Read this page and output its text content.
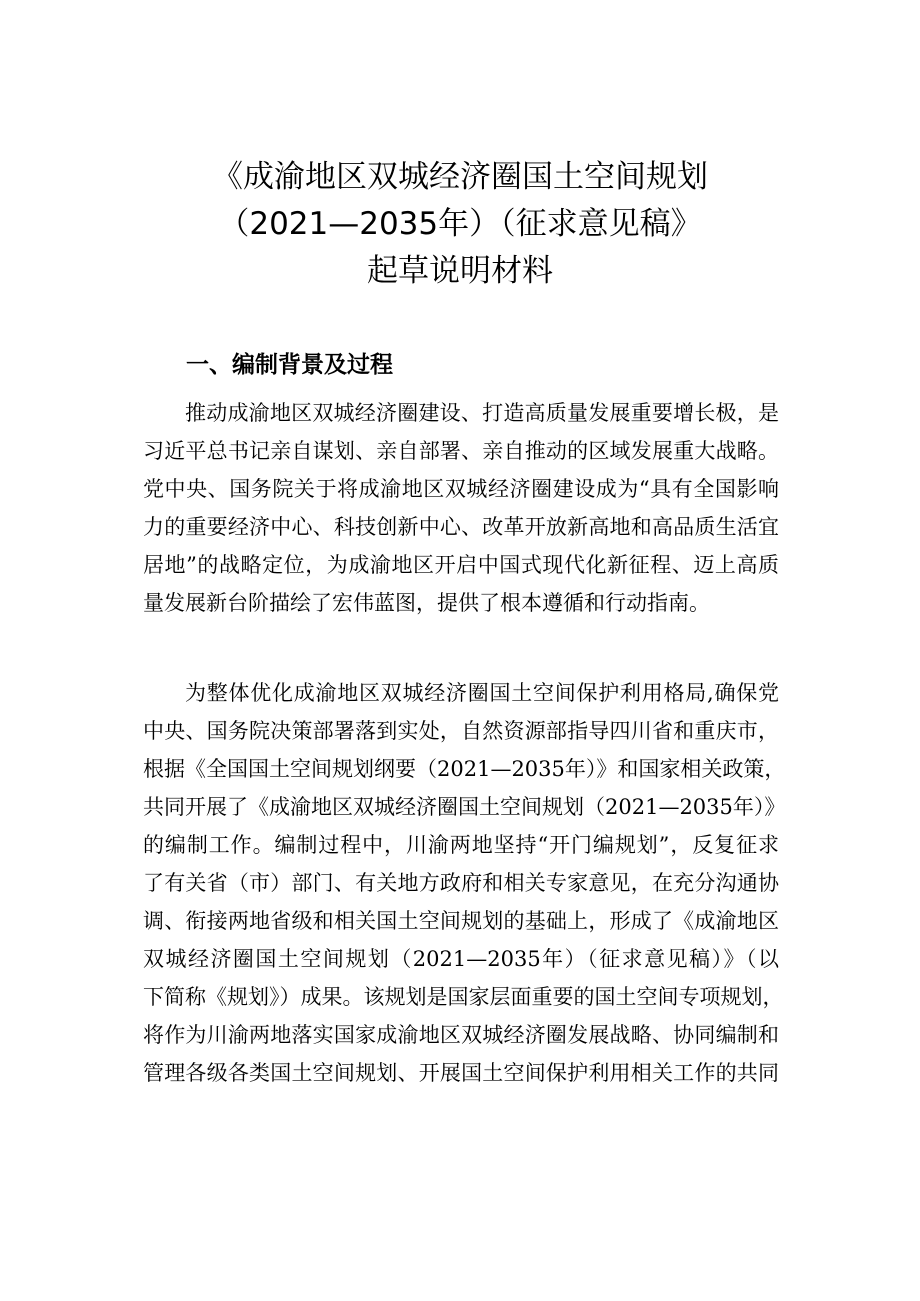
《成渝地区双城经济圈国土空间规划
（2021—2035年）（征求意见稿》
起草说明材料
一、编制背景及过程
推动成渝地区双城经济圈建设、打造高质量发展重要增长极，是
习近平总书记亲自谋划、亲自部署、亲自推动的区域发展重大战略。
党中央、国务院关于将成渝地区双城经济圈建设成为“具有全国影响
力的重要经济中心、科技创新中心、改革开放新高地和高品质生活宜
居地”的战略定位，为成渝地区开启中国式现代化新征程、迈上高质
量发展新台阶描绘了宏伟蓝图，提供了根本遵循和行动指南。
为整体优化成渝地区双城经济圈国土空间保护利用格局,确保党
中央、国务院决策部署落到实处，自然资源部指导四川省和重庆市，
根据《全国国土空间规划纲要（2021—2035年）》和国家相关政策，
共同开展了《成渝地区双城经济圈国土空间规划（2021—2035年）》
的编制工作。编制过程中，川渝两地坚持“开门编规划”，反复征求
了有关省（市）部门、有关地方政府和相关专家意见，在充分沟通协
调、衔接两地省级和相关国土空间规划的基础上，形成了《成渝地区
双城经济圈国土空间规划（2021—2035年）（征求意见稿）》（以
下简称《规划》）成果。该规划是国家层面重要的国土空间专项规划，
将作为川渝两地落实国家成渝地区双城经济圈发展战略、协同编制和
管理各级各类国土空间规划、开展国土空间保护利用相关工作的共同
